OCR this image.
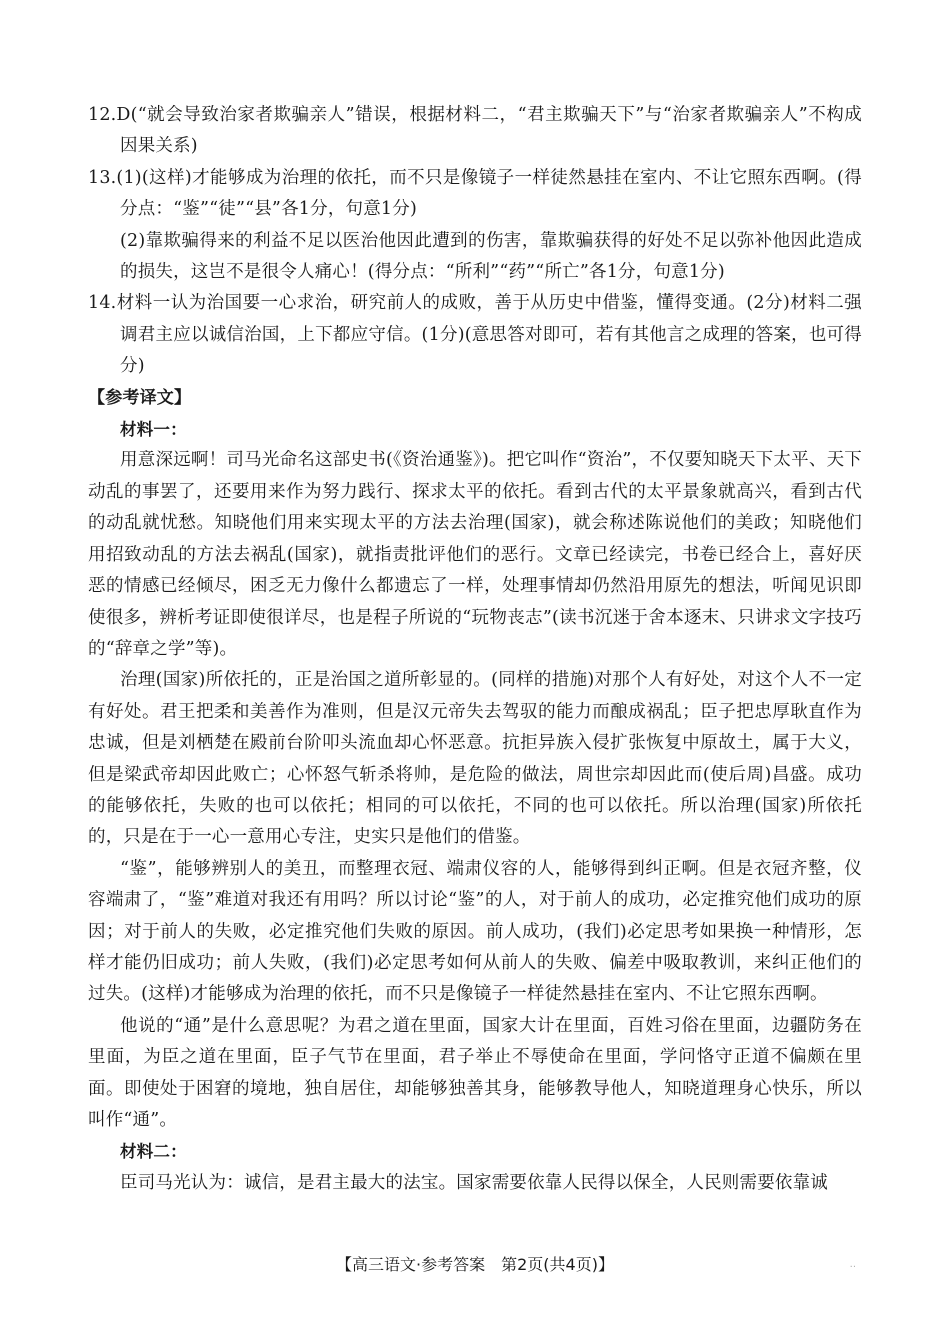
12.D(“就会导致治家者欺骗亲人”错误，根据材料二，“君主欺骗天下”与“治家者欺骗亲人”不构成因果关系)

13.(1)(这样)才能够成为治理的依托，而不只是像镜子一样徒然悬挂在室内、不让它照东西啊。(得分点：“鉴”“徒”“县”各1分，句意1分)

(2)靠欺骗得来的利益不足以医治他因此遭到的伤害，靠欺骗获得的好处不足以弥补他因此造成的损失，这岂不是很令人痛心！(得分点：“所利”“药”“所亡”各1分，句意1分)

14.材料一认为治国要一心求治，研究前人的成败，善于从历史中借鉴，懂得变通。(2分)材料二强调君主应以诚信治国，上下都应守信。(1分)(意思答对即可，若有其他言之成理的答案，也可得分)

【参考译文】

材料一：

用意深远啊！司马光命名这部史书(《资治通鉴》)。把它叫作“资治”，不仅要知晓天下太平、天下动乱的事罢了，还要用来作为努力践行、探求太平的依托。看到古代的太平景象就高兴，看到古代的动乱就忧愁。知晓他们用来实现太平的方法去治理(国家)，就会称述陈说他们的美政；知晓他们用招致动乱的方法去祸乱(国家)，就指责批评他们的恶行。文章已经读完，书卷已经合上，喜好厌恶的情感已经倾尽，困乏无力像什么都遗忘了一样，处理事情却仍然沿用原先的想法，听闻见识即使很多，辨析考证即使很详尽，也是程子所说的“玩物丧志”(读书沉迷于舍本逐末、只讲求文字技巧的“辞章之学”等)。

治理(国家)所依托的，正是治国之道所彰显的。(同样的措施)对那个人有好处，对这个人不一定有好处。君王把柔和美善作为准则，但是汉元帝失去驾驭的能力而酿成祸乱；臣子把忠厚耿直作为忠诚，但是刘栖楚在殿前台阶叩头流血却心怀恶意。抗拒异族入侵扩张恢复中原故土，属于大义，但是梁武帝却因此败亡；心怀怒气斩杀将帅，是危险的做法，周世宗却因此而(使后周)昌盛。成功的能够依托，失败的也可以依托；相同的可以依托，不同的也可以依托。所以治理(国家)所依托的，只是在于一心一意用心专注，史实只是他们的借鉴。

“鉴”，能够辨别人的美丑，而整理衣冠、端肃仪容的人，能够得到纠正啊。但是衣冠齐整，仪容端肃了，“鉴”难道对我还有用吗？所以讨论“鉴”的人，对于前人的成功，必定推究他们成功的原因；对于前人的失败，必定推究他们失败的原因。前人成功，(我们)必定思考如果换一种情形，怎样才能仍旧成功；前人失败，(我们)必定思考如何从前人的失败、偏差中吸取教训，来纠正他们的过失。(这样)才能够成为治理的依托，而不只是像镜子一样徒然悬挂在室内、不让它照东西啊。

他说的“通”是什么意思呢？为君之道在里面，国家大计在里面，百姓习俗在里面，边疆防务在里面，为臣之道在里面，臣子气节在里面，君子举止不辱使命在里面，学问恪守正道不偏颇在里面。即使处于困窘的境地，独自居住，却能够独善其身，能够教导他人，知晓道理身心快乐，所以叫作“通”。

材料二：

臣司马光认为：诚信，是君主最大的法宝。国家需要依靠人民得以保全，人民则需要依靠诚

【高三语文·参考答案　第2页(共4页)】	··
